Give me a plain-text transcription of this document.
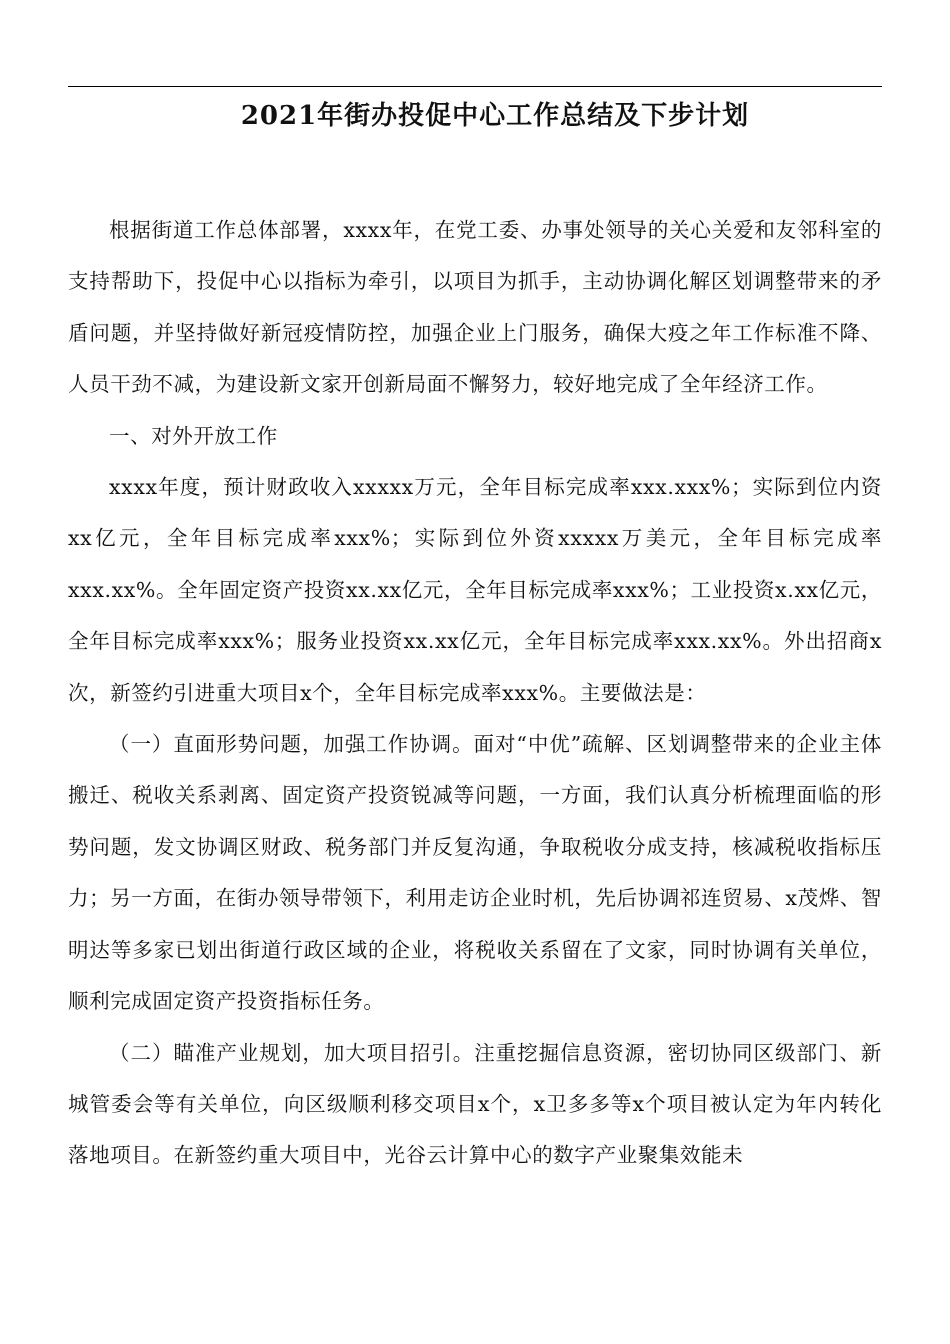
2021年街办投促中心工作总结及下步计划

根据街道工作总体部署，xxxx年，在党工委、办事处领导的关心关爱和友邻科室的支持帮助下，投促中心以指标为牵引，以项目为抓手，主动协调化解区划调整带来的矛盾问题，并坚持做好新冠疫情防控，加强企业上门服务，确保大疫之年工作标准不降、人员干劲不减，为建设新文家开创新局面不懈努力，较好地完成了全年经济工作。

一、对外开放工作

xxxx年度，预计财政收入xxxxx万元，全年目标完成率xxx.xxx%；实际到位内资xx亿元，全年目标完成率xxx%；实际到位外资xxxxx万美元，全年目标完成率xxx.xx%。全年固定资产投资xx.xx亿元，全年目标完成率xxx%；工业投资x.xx亿元，全年目标完成率xxx%；服务业投资xx.xx亿元，全年目标完成率xxx.xx%。外出招商x次，新签约引进重大项目x个，全年目标完成率xxx%。主要做法是：

（一）直面形势问题，加强工作协调。面对“中优”疏解、区划调整带来的企业主体搬迁、税收关系剥离、固定资产投资锐减等问题，一方面，我们认真分析梳理面临的形势问题，发文协调区财政、税务部门并反复沟通，争取税收分成支持，核减税收指标压力；另一方面，在街办领导带领下，利用走访企业时机，先后协调祁连贸易、x茂烨、智明达等多家已划出街道行政区域的企业，将税收关系留在了文家，同时协调有关单位，顺利完成固定资产投资指标任务。

（二）瞄准产业规划，加大项目招引。注重挖掘信息资源，密切协同区级部门、新城管委会等有关单位，向区级顺利移交项目x个，x卫多多等x个项目被认定为年内转化落地项目。在新签约重大项目中，光谷云计算中心的数字产业聚集效能未
